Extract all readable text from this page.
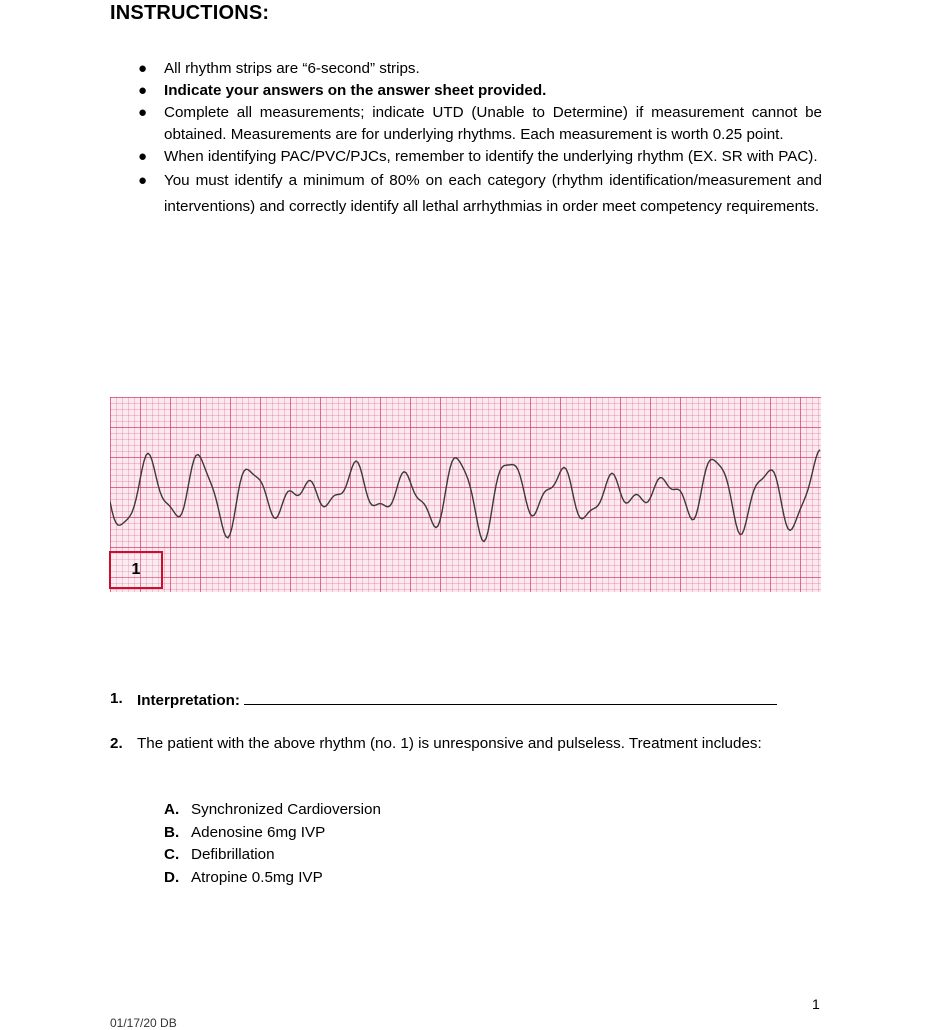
INSTRUCTIONS:
● All rhythm strips are “6-second” strips.
● Indicate your answers on the answer sheet provided.
● Complete all measurements; indicate UTD (Unable to Determine) if measurement cannot be obtained. Measurements are for underlying rhythms. Each measurement is worth 0.25 point.
● When identifying PAC/PVC/PJCs, remember to identify the underlying rhythm (EX. SR with PAC).
● You must identify a minimum of 80% on each category (rhythm identification/measurement and interventions) and correctly identify all lethal arrhythmias in order meet competency requirements.
1
1. Interpretation:
2. The patient with the above rhythm (no. 1) is unresponsive and pulseless. Treatment includes:
A. Synchronized Cardioversion
B. Adenosine 6mg IVP
C. Defibrillation
D. Atropine 0.5mg IVP
1
01/17/20 DB
